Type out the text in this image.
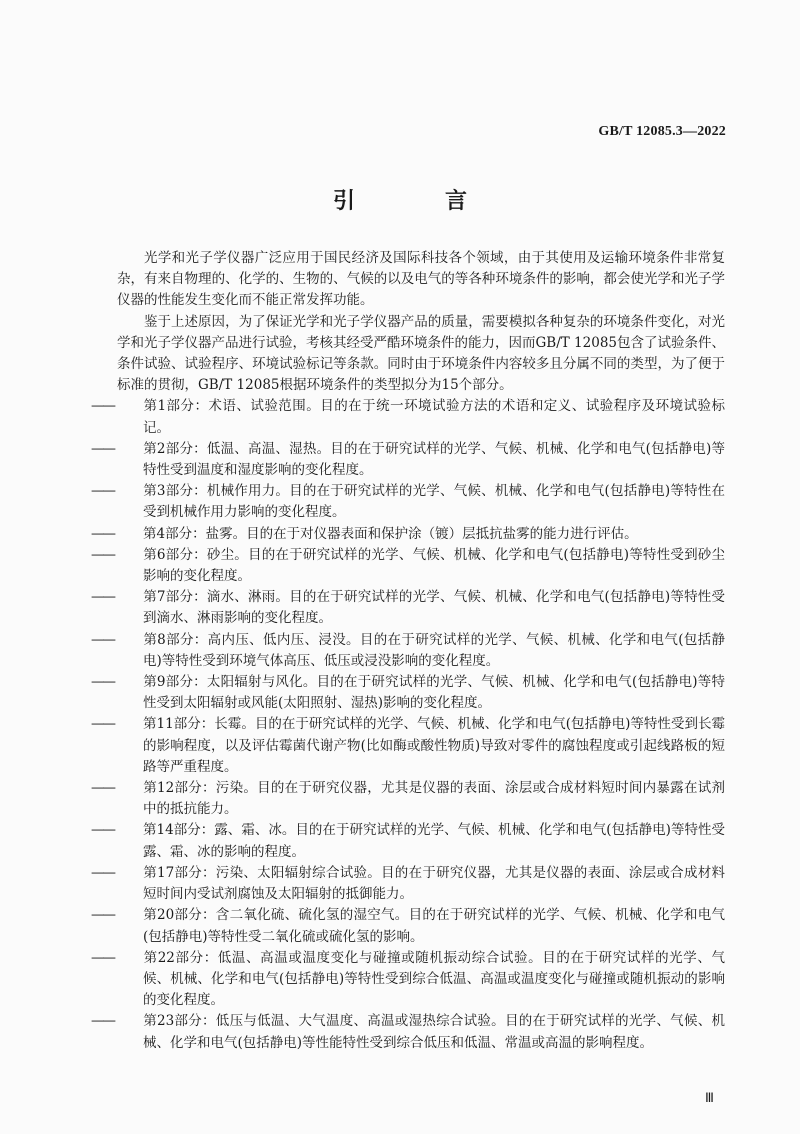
GB/T 12085.3—2022
引　言

光学和光子学仪器广泛应用于国民经济及国际科技各个领域，由于其使用及运输环境条件非常复杂，有来自物理的、化学的、生物的、气候的以及电气的等各种环境条件的影响，都会使光学和光子学仪器的性能发生变化而不能正常发挥功能。

鉴于上述原因，为了保证光学和光子学仪器产品的质量，需要模拟各种复杂的环境条件变化，对光学和光子学仪器产品进行试验，考核其经受严酷环境条件的能力，因而GB/T 12085包含了试验条件、条件试验、试验程序、环境试验标记等条款。同时由于环境条件内容较多且分属不同的类型，为了便于标准的贯彻，GB/T 12085根据环境条件的类型拟分为15个部分。

—— 第1部分：术语、试验范围。目的在于统一环境试验方法的术语和定义、试验程序及环境试验标记。

—— 第2部分：低温、高温、湿热。目的在于研究试样的光学、气候、机械、化学和电气(包括静电)等特性受到温度和湿度影响的变化程度。

—— 第3部分：机械作用力。目的在于研究试样的光学、气候、机械、化学和电气(包括静电)等特性在受到机械作用力影响的变化程度。

—— 第4部分：盐雾。目的在于对仪器表面和保护涂（镀）层抵抗盐雾的能力进行评估。

—— 第6部分：砂尘。目的在于研究试样的光学、气候、机械、化学和电气(包括静电)等特性受到砂尘影响的变化程度。

—— 第7部分：滴水、淋雨。目的在于研究试样的光学、气候、机械、化学和电气(包括静电)等特性受到滴水、淋雨影响的变化程度。

—— 第8部分：高内压、低内压、浸没。目的在于研究试样的光学、气候、机械、化学和电气(包括静电)等特性受到环境气体高压、低压或浸没影响的变化程度。

—— 第9部分：太阳辐射与风化。目的在于研究试样的光学、气候、机械、化学和电气(包括静电)等特性受到太阳辐射或风能(太阳照射、湿热)影响的变化程度。

—— 第11部分：长霉。目的在于研究试样的光学、气候、机械、化学和电气(包括静电)等特性受到长霉的影响程度，以及评估霉菌代谢产物(比如酶或酸性物质)导致对零件的腐蚀程度或引起线路板的短路等严重程度。

—— 第12部分：污染。目的在于研究仪器，尤其是仪器的表面、涂层或合成材料短时间内暴露在试剂中的抵抗能力。

—— 第14部分：露、霜、冰。目的在于研究试样的光学、气候、机械、化学和电气(包括静电)等特性受露、霜、冰的影响的程度。

—— 第17部分：污染、太阳辐射综合试验。目的在于研究仪器，尤其是仪器的表面、涂层或合成材料短时间内受试剂腐蚀及太阳辐射的抵御能力。

—— 第20部分：含二氧化硫、硫化氢的湿空气。目的在于研究试样的光学、气候、机械、化学和电气(包括静电)等特性受二氧化硫或硫化氢的影响。

—— 第22部分：低温、高温或温度变化与碰撞或随机振动综合试验。目的在于研究试样的光学、气候、机械、化学和电气(包括静电)等特性受到综合低温、高温或温度变化与碰撞或随机振动的影响的变化程度。

—— 第23部分：低压与低温、大气温度、高温或湿热综合试验。目的在于研究试样的光学、气候、机械、化学和电气(包括静电)等性能特性受到综合低压和低温、常温或高温的影响程度。

Ⅲ
